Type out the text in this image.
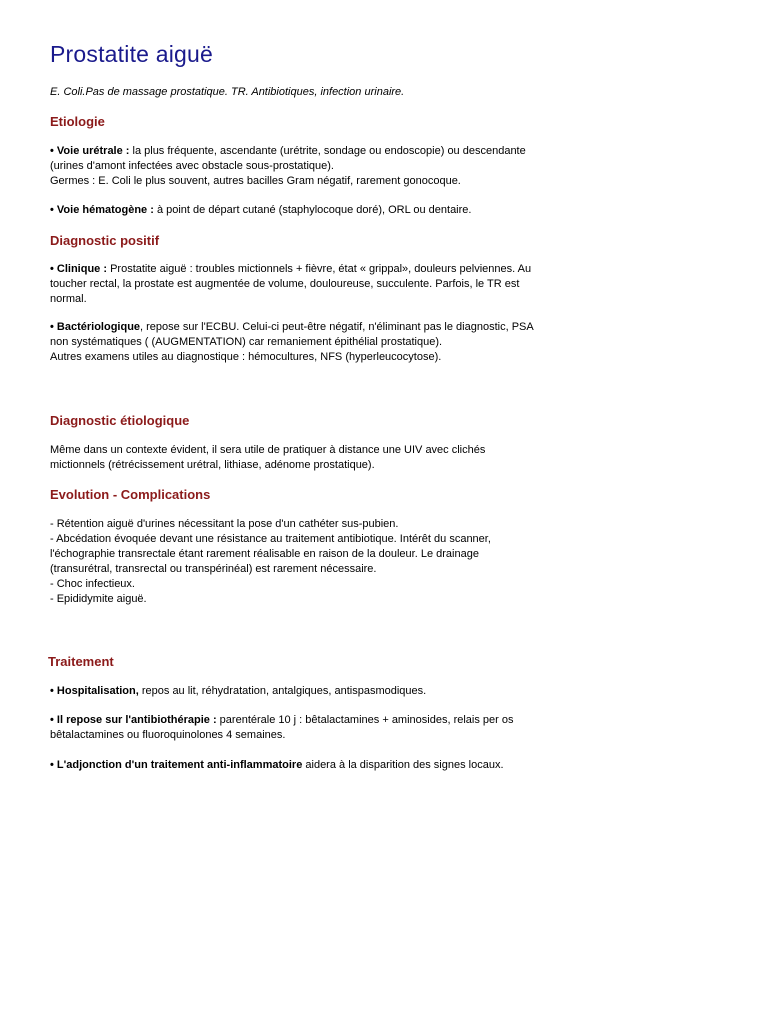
Prostatite aiguë
E. Coli.Pas de massage prostatique. TR. Antibiotiques, infection urinaire.
Etiologie
• Voie urétrale : la plus fréquente, ascendante (urétrite, sondage ou endoscopie) ou descendante
(urines d'amont infectées avec obstacle sous-prostatique).
Germes : E. Coli le plus souvent, autres bacilles Gram négatif, rarement gonocoque.
• Voie hématogène : à point de départ cutané (staphylocoque doré), ORL ou dentaire.
Diagnostic positif
• Clinique : Prostatite aiguë : troubles mictionnels + fièvre, état « grippal», douleurs pelviennes. Au
toucher rectal, la prostate est augmentée de volume, douloureuse, succulente. Parfois, le TR est
normal.
• Bactériologique, repose sur l'ECBU. Celui-ci peut-être négatif, n'éliminant pas le diagnostic, PSA
non systématiques ( (AUGMENTATION) car remaniement épithélial prostatique).
Autres examens utiles au diagnostique : hémocultures, NFS (hyperleucocytose).
Diagnostic étiologique
Même dans un contexte évident, il sera utile de pratiquer à distance une UIV avec clichés
mictionnels (rétrécissement urétral, lithiase, adénome prostatique).
Evolution - Complications
- Rétention aiguë d'urines nécessitant la pose d'un cathéter sus-pubien.
- Abcédation évoquée devant une résistance au traitement antibiotique. Intérêt du scanner,
l'échographie transrectale étant rarement réalisable en raison de la douleur. Le drainage
(transurétral, transrectal ou transpérinéal) est rarement nécessaire.
- Choc infectieux.
- Epididymite aiguë.
Traitement
• Hospitalisation, repos au lit, réhydratation, antalgiques, antispasmodiques.
• Il repose sur l'antibiothérapie : parentérale 10 j : bêtalactamines + aminosides, relais per os
bêtalactamines ou fluoroquinolones 4 semaines.
• L'adjonction d'un traitement anti-inflammatoire aidera à la disparition des signes locaux.
